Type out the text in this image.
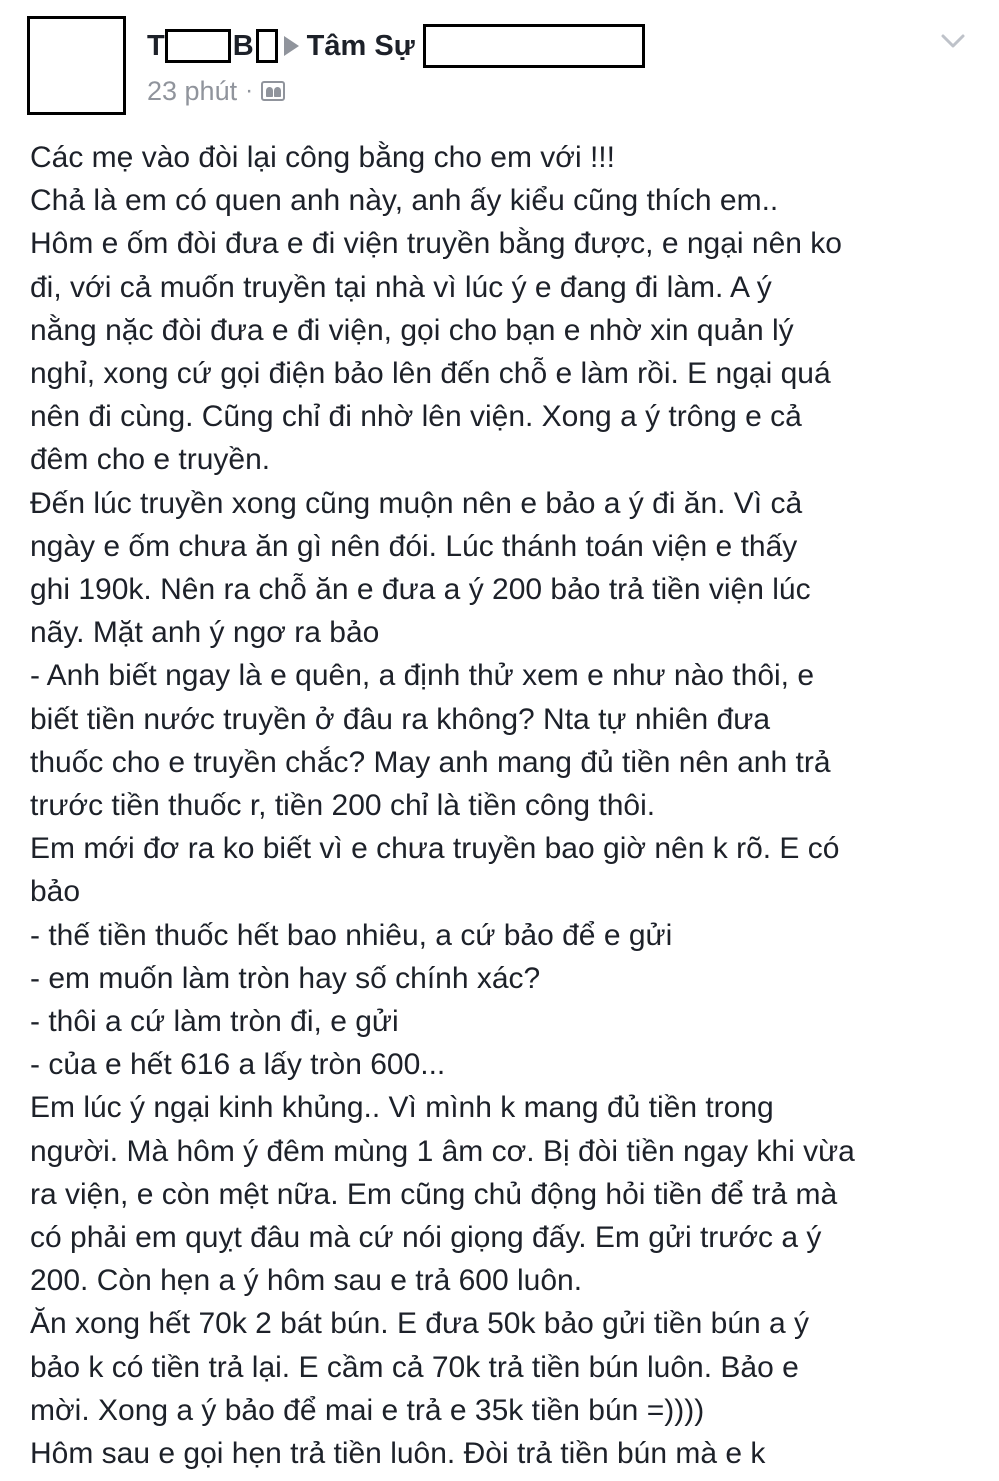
T B Tâm Sự
23 phút ·

Các mẹ vào đòi lại công bằng cho em với !!!

Chả là em có quen anh này, anh ấy kiểu cũng thích em..

Hôm e ốm đòi đưa e đi viện truyền bằng được, e ngại nên ko

đi, với cả muốn truyền tại nhà vì lúc ý e đang đi làm. A ý

nằng nặc đòi đưa e đi viện, gọi cho bạn e nhờ xin quản lý

nghỉ, xong cứ gọi điện bảo lên đến chỗ e làm rồi. E ngại quá

nên đi cùng. Cũng chỉ đi nhờ lên viện. Xong a ý trông e cả

đêm cho e truyền.

Đến lúc truyền xong cũng muộn nên e bảo a ý đi ăn. Vì cả

ngày e ốm chưa ăn gì nên đói. Lúc thánh toán viện e thấy

ghi 190k. Nên ra chỗ ăn e đưa a ý 200 bảo trả tiền viện lúc

nãy. Mặt anh ý ngơ ra bảo

- Anh biết ngay là e quên, a định thử xem e như nào thôi, e

biết tiền nước truyền ở đâu ra không? Nta tự nhiên đưa

thuốc cho e truyền chắc? May anh mang đủ tiền nên anh trả

trước tiền thuốc r, tiền 200 chỉ là tiền công thôi.

Em mới đơ ra ko biết vì e chưa truyền bao giờ nên k rõ. E có

bảo

- thế tiền thuốc hết bao nhiêu, a cứ bảo để e gửi

- em muốn làm tròn hay số chính xác?

- thôi a cứ làm tròn đi, e gửi

- của e hết 616 a lấy tròn 600...

Em lúc ý ngại kinh khủng.. Vì mình k mang đủ tiền trong

người. Mà hôm ý đêm mùng 1 âm cơ. Bị đòi tiền ngay khi vừa

ra viện, e còn mệt nữa. Em cũng chủ động hỏi tiền để trả mà

có phải em quỵt đâu mà cứ nói giọng đấy. Em gửi trước a ý

200. Còn hẹn a ý hôm sau e trả 600 luôn.

Ăn xong hết 70k 2 bát bún. E đưa 50k bảo gửi tiền bún a ý

bảo k có tiền trả lại. E cầm cả 70k trả tiền bún luôn. Bảo e

mời. Xong a ý bảo để mai e trả e 35k tiền bún =))))

Hôm sau e gọi hẹn trả tiền luôn. Đòi trả tiền bún mà e k
